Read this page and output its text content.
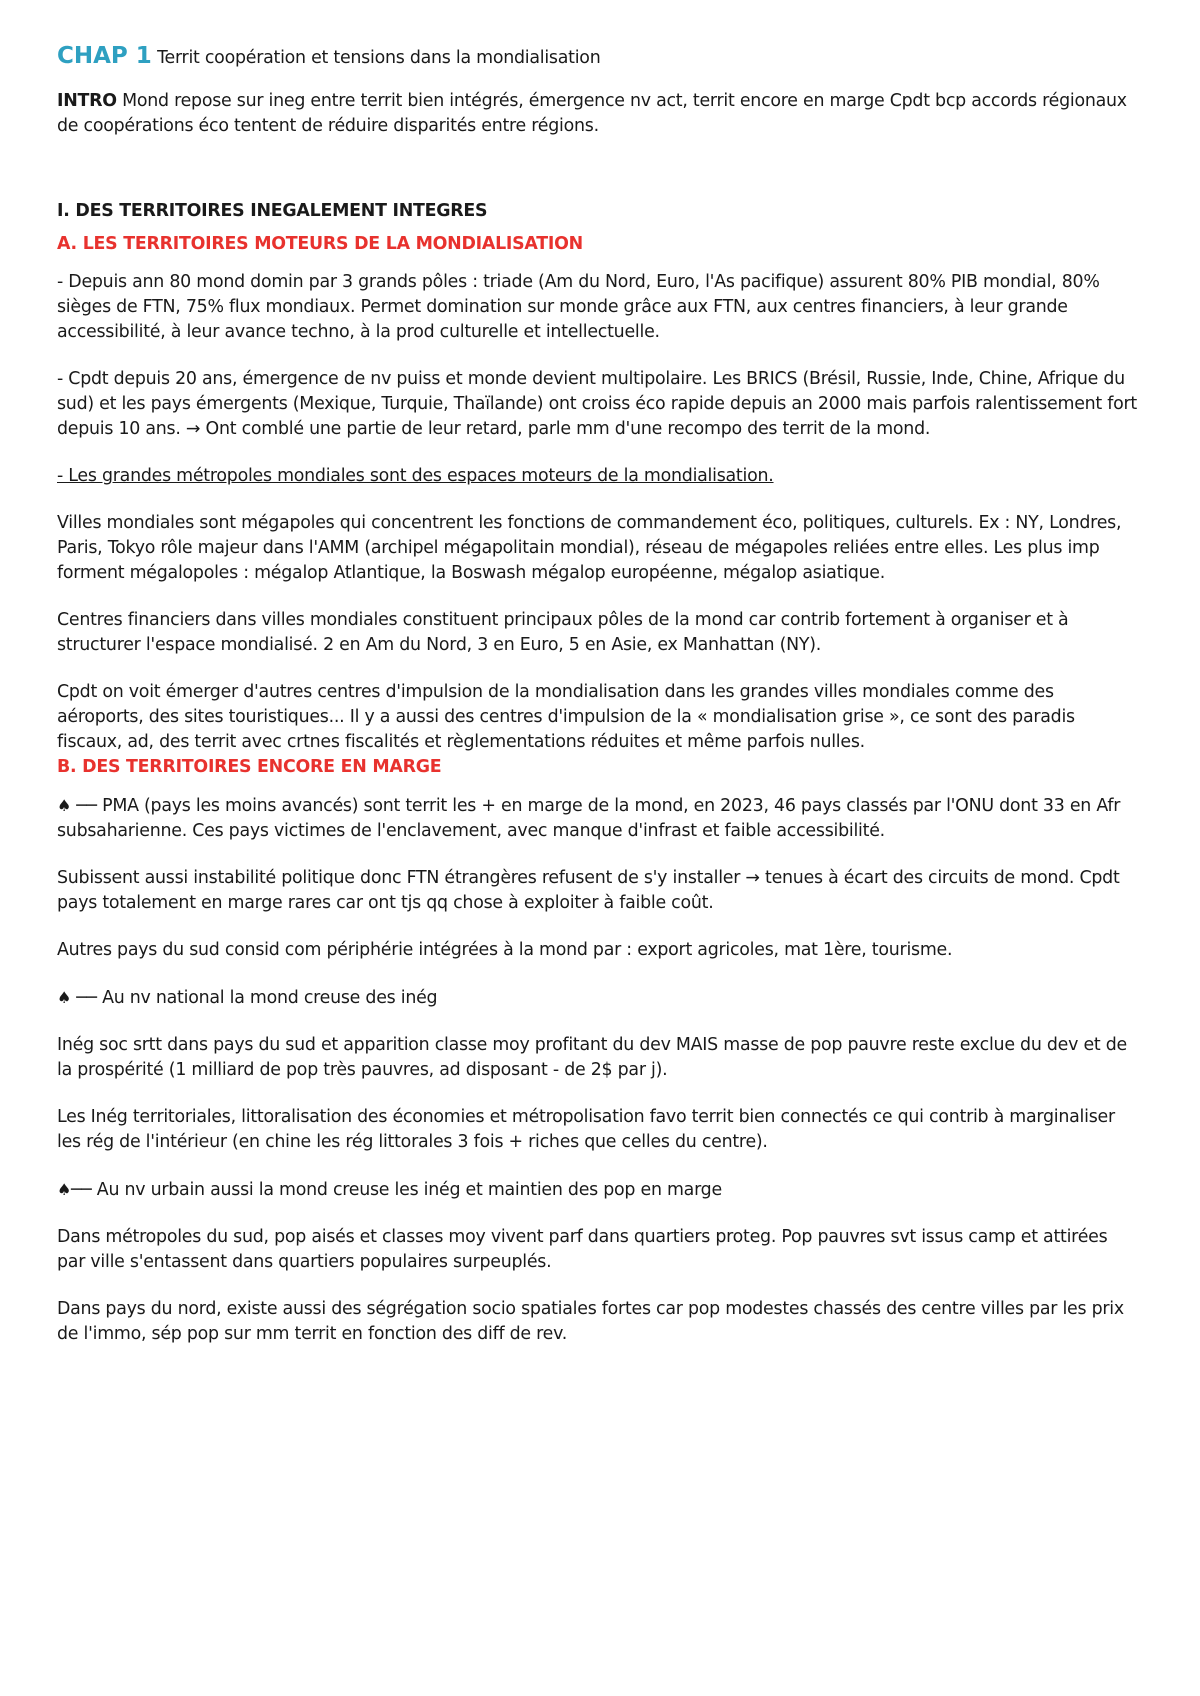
CHAP 1 Territ coopération et tensions dans la mondialisation

INTRO Mond repose sur ineg entre territ bien intégrés, émergence nv act, territ encore en marge Cpdt bcp accords régionaux de coopérations éco tentent de réduire disparités entre régions.

I. DES TERRITOIRES INEGALEMENT INTEGRES
A. LES TERRITOIRES MOTEURS DE LA MONDIALISATION

- Depuis ann 80 mond domin par 3 grands pôles : triade (Am du Nord, Euro, l'As pacifique) assurent 80% PIB mondial, 80% sièges de FTN, 75% flux mondiaux. Permet domination sur monde grâce aux FTN, aux centres financiers, à leur grande accessibilité, à leur avance techno, à la prod culturelle et intellectuelle.

- Cpdt depuis 20 ans, émergence de nv puiss et monde devient multipolaire. Les BRICS (Brésil, Russie, Inde, Chine, Afrique du sud) et les pays émergents (Mexique, Turquie, Thaïlande) ont croiss éco rapide depuis an 2000 mais parfois ralentissement fort depuis 10 ans. → Ont comblé une partie de leur retard, parle mm d'une recompo des territ de la mond.

- Les grandes métropoles mondiales sont des espaces moteurs de la mondialisation.

Villes mondiales sont mégapoles qui concentrent les fonctions de commandement éco, politiques, culturels. Ex : NY, Londres, Paris, Tokyo rôle majeur dans l'AMM (archipel mégapolitain mondial), réseau de mégapoles reliées entre elles. Les plus imp forment mégalopoles : mégalop Atlantique, la Boswash mégalop européenne, mégalop asiatique.

Centres financiers dans villes mondiales constituent principaux pôles de la mond car contrib fortement à organiser et à structurer l'espace mondialisé. 2 en Am du Nord, 3 en Euro, 5 en Asie, ex Manhattan (NY).

Cpdt on voit émerger d'autres centres d'impulsion de la mondialisation dans les grandes villes mondiales comme des aéroports, des sites touristiques... Il y a aussi des centres d'impulsion de la « mondialisation grise », ce sont des paradis fiscaux, ad, des territ avec crtnes fiscalités et règlementations réduites et même parfois nulles.

B. DES TERRITOIRES ENCORE EN MARGE

♠ ── PMA (pays les moins avancés) sont territ les + en marge de la mond, en 2023, 46 pays classés par l'ONU dont 33 en Afr subsaharienne. Ces pays victimes de l'enclavement, avec manque d'infrast et faible accessibilité.

Subissent aussi instabilité politique donc FTN étrangères refusent de s'y installer → tenues à écart des circuits de mond. Cpdt pays totalement en marge rares car ont tjs qq chose à exploiter à faible coût.

Autres pays du sud consid com périphérie intégrées à la mond par : export agricoles, mat 1ère, tourisme.

♠ ── Au nv national la mond creuse des inég

Inég soc srtt dans pays du sud et apparition classe moy profitant du dev MAIS masse de pop pauvre reste exclue du dev et de la prospérité (1 milliard de pop très pauvres, ad disposant - de 2$ par j).

Les Inég territoriales, littoralisation des économies et métropolisation favo territ bien connectés ce qui contrib à marginaliser les rég de l'intérieur (en chine les rég littorales 3 fois + riches que celles du centre).

♠── Au nv urbain aussi la mond creuse les inég et maintien des pop en marge

Dans métropoles du sud, pop aisés et classes moy vivent parf dans quartiers proteg. Pop pauvres svt issus camp et attirées par ville s'entassent dans quartiers populaires surpeuplés.

Dans pays du nord, existe aussi des ségrégation socio spatiales fortes car pop modestes chassés des centre villes par les prix de l'immo, sép pop sur mm territ en fonction des diff de rev.
